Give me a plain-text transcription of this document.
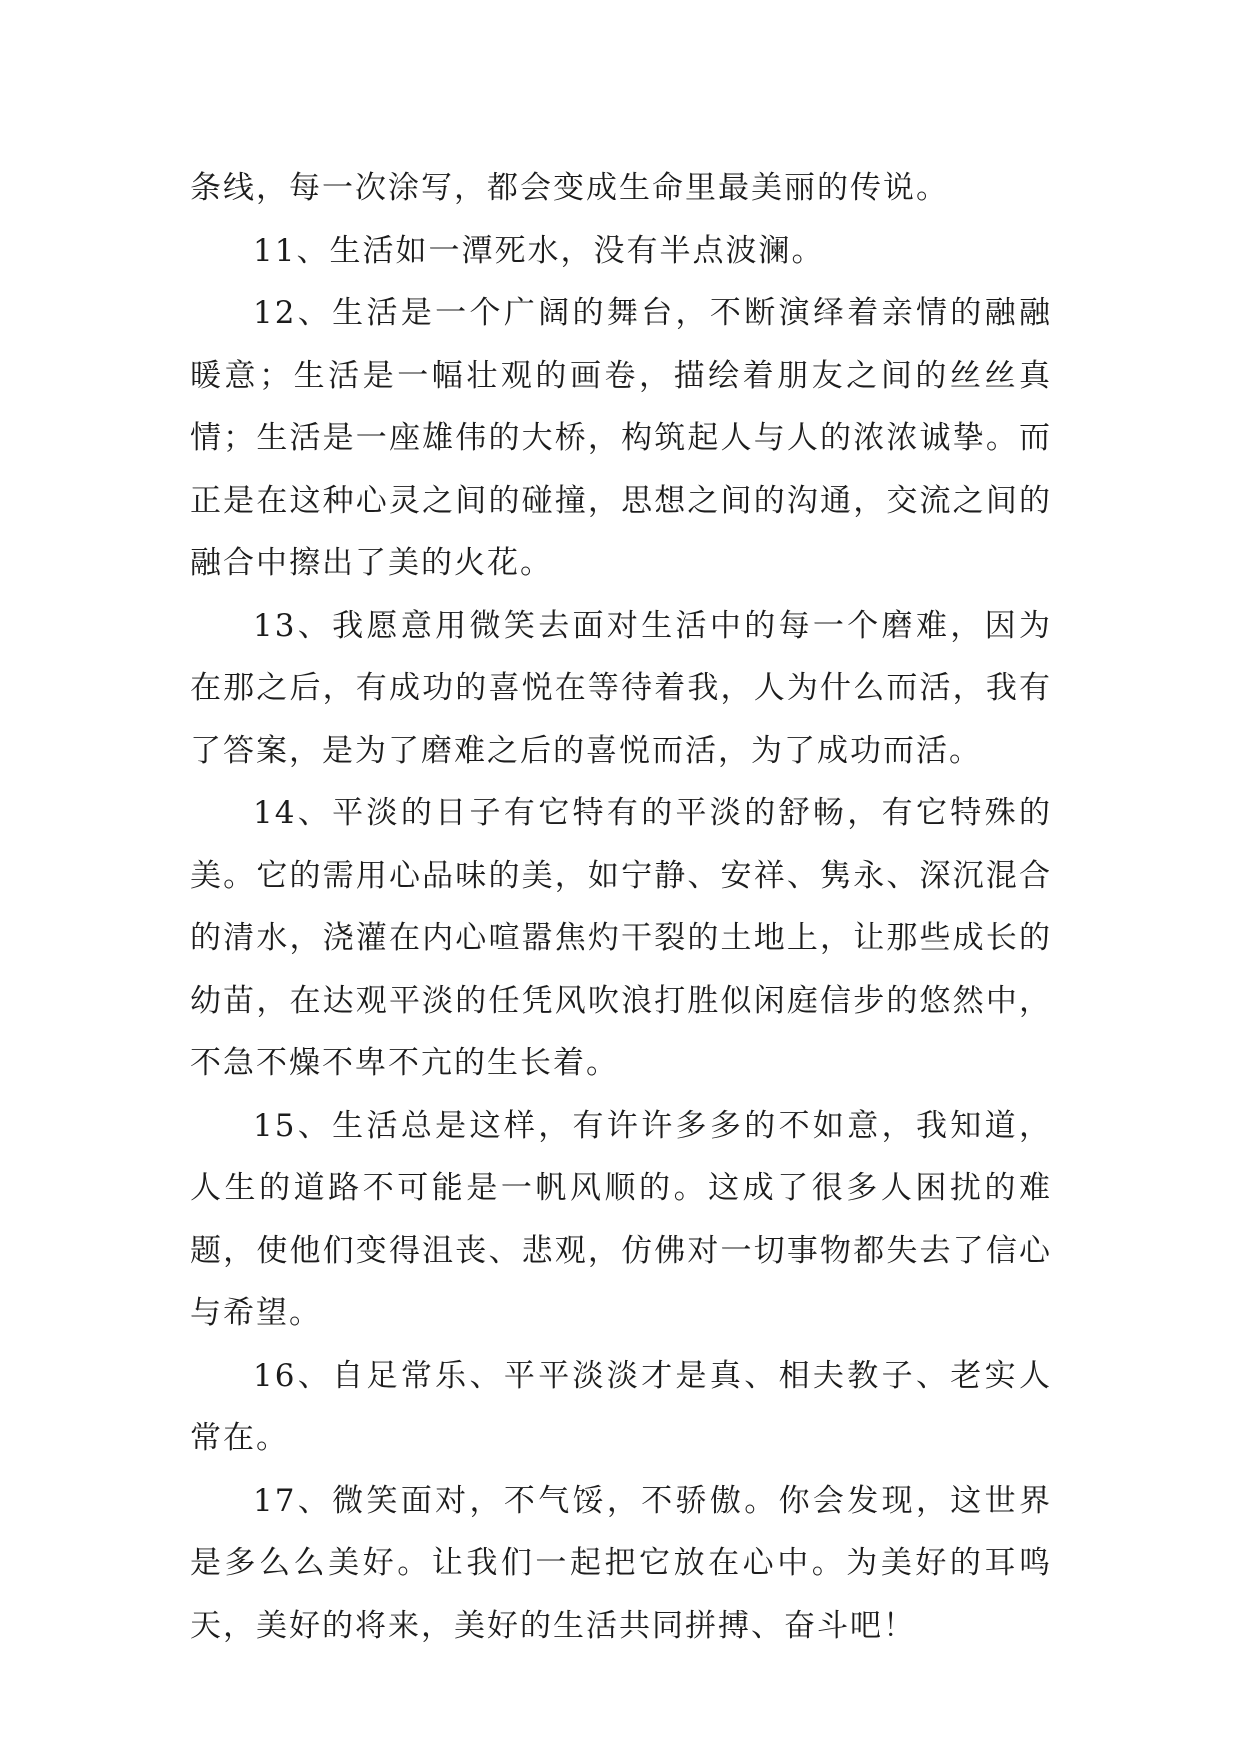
条线，每一次涂写，都会变成生命里最美丽的传说。

11、生活如一潭死水，没有半点波澜。

12、生活是一个广阔的舞台，不断演绎着亲情的融融暖意；生活是一幅壮观的画卷，描绘着朋友之间的丝丝真情；生活是一座雄伟的大桥，构筑起人与人的浓浓诚挚。而正是在这种心灵之间的碰撞，思想之间的沟通，交流之间的融合中擦出了美的火花。

13、我愿意用微笑去面对生活中的每一个磨难，因为在那之后，有成功的喜悦在等待着我，人为什么而活，我有了答案，是为了磨难之后的喜悦而活，为了成功而活。

14、平淡的日子有它特有的平淡的舒畅，有它特殊的美。它的需用心品味的美，如宁静、安祥、隽永、深沉混合的清水，浇灌在内心喧嚣焦灼干裂的土地上，让那些成长的幼苗，在达观平淡的任凭风吹浪打胜似闲庭信步的悠然中，不急不燥不卑不亢的生长着。

15、生活总是这样，有许许多多的不如意，我知道，人生的道路不可能是一帆风顺的。这成了很多人困扰的难题，使他们变得沮丧、悲观，仿佛对一切事物都失去了信心与希望。

16、自足常乐、平平淡淡才是真、相夫教子、老实人常在。

17、微笑面对，不气馁，不骄傲。你会发现，这世界是多么么美好。让我们一起把它放在心中。为美好的耳鸣天，美好的将来，美好的生活共同拼搏、奋斗吧！
